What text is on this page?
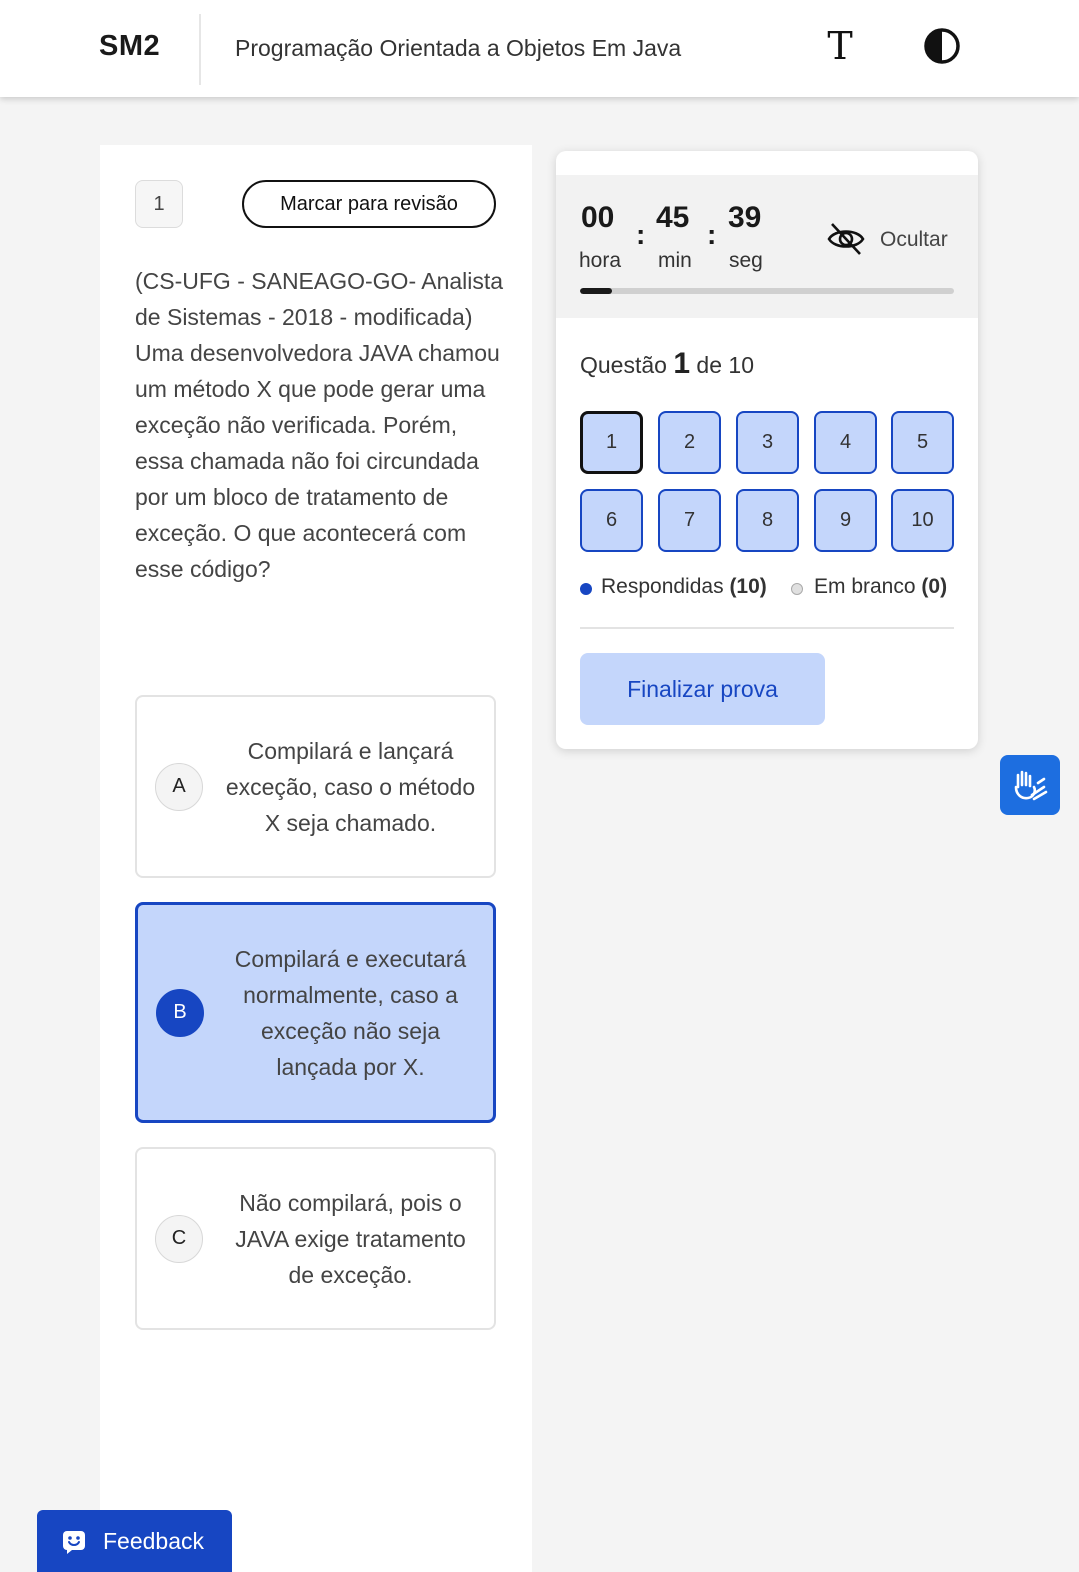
SM2	Programação Orientada a Objetos Em Java	T
1	Marcar para revisão

(CS-UFG - SANEAGO-GO- Analista de Sistemas - 2018 - modificada)

Uma desenvolvedora JAVA chamou um método X que pode gerar uma exceção não verificada. Porém, essa chamada não foi circundada por um bloco de tratamento de exceção. O que acontecerá com esse código?

A
Compilará e lançará exceção, caso o método X seja chamado.
B
Compilará e executará normalmente, caso a exceção não seja lançada por X.
C
Não compilará, pois o JAVA exige tratamento de exceção.
00
:
45
:
39
hora min seg
Ocultar
Questão 1 de 10
1	2	3	4	5
6	7	8	9	10
Respondidas (10) Em branco (0)
Finalizar prova
Feedback
